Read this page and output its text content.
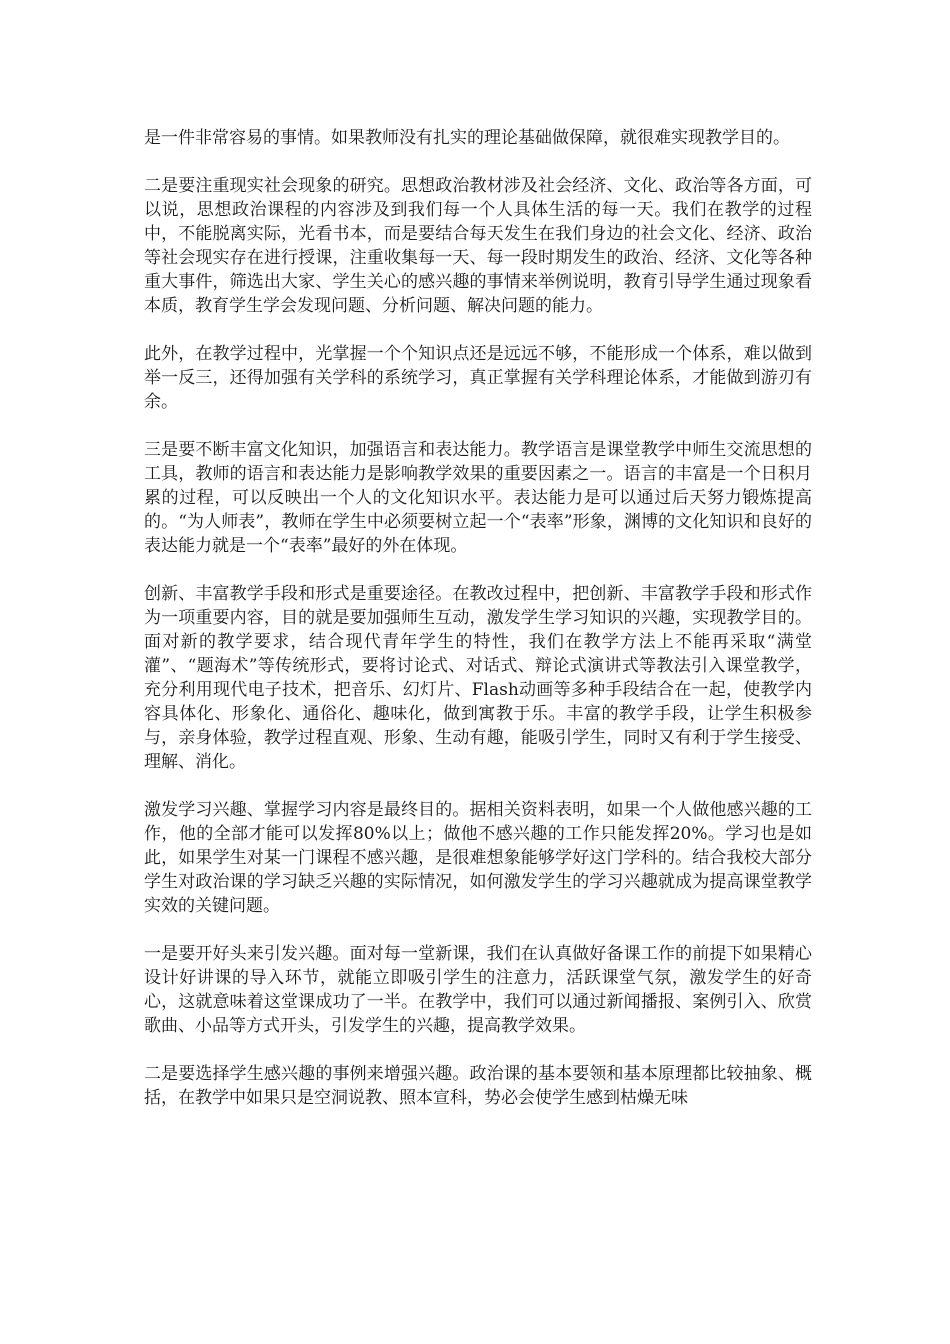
是一件非常容易的事情。如果教师没有扎实的理论基础做保障，就很难实现教学目的。

二是要注重现实社会现象的研究。思想政治教材涉及社会经济、文化、政治等各方面，可以说，思想政治课程的内容涉及到我们每一个人具体生活的每一天。我们在教学的过程中，不能脱离实际，光看书本，而是要结合每天发生在我们身边的社会文化、经济、政治等社会现实存在进行授课，注重收集每一天、每一段时期发生的政治、经济、文化等各种重大事件，筛选出大家、学生关心的感兴趣的事情来举例说明，教育引导学生通过现象看本质，教育学生学会发现问题、分析问题、解决问题的能力。

此外，在教学过程中，光掌握一个个知识点还是远远不够，不能形成一个体系，难以做到举一反三，还得加强有关学科的系统学习，真正掌握有关学科理论体系，才能做到游刃有余。

三是要不断丰富文化知识，加强语言和表达能力。教学语言是课堂教学中师生交流思想的工具，教师的语言和表达能力是影响教学效果的重要因素之一。语言的丰富是一个日积月累的过程，可以反映出一个人的文化知识水平。表达能力是可以通过后天努力锻炼提高的。“为人师表”，教师在学生中必须要树立起一个“表率”形象，渊博的文化知识和良好的表达能力就是一个“表率”最好的外在体现。

创新、丰富教学手段和形式是重要途径。在教改过程中，把创新、丰富教学手段和形式作为一项重要内容，目的就是要加强师生互动，激发学生学习知识的兴趣，实现教学目的。面对新的教学要求，结合现代青年学生的特性，我们在教学方法上不能再采取“满堂灌”、“题海术”等传统形式，要将讨论式、对话式、辩论式演讲式等教法引入课堂教学，充分利用现代电子技术，把音乐、幻灯片、Flash动画等多种手段结合在一起，使教学内容具体化、形象化、通俗化、趣味化，做到寓教于乐。丰富的教学手段，让学生积极参与，亲身体验，教学过程直观、形象、生动有趣，能吸引学生，同时又有利于学生接受、理解、消化。

激发学习兴趣、掌握学习内容是最终目的。据相关资料表明，如果一个人做他感兴趣的工作，他的全部才能可以发挥80%以上；做他不感兴趣的工作只能发挥20%。学习也是如此，如果学生对某一门课程不感兴趣，是很难想象能够学好这门学科的。结合我校大部分学生对政治课的学习缺乏兴趣的实际情况，如何激发学生的学习兴趣就成为提高课堂教学实效的关键问题。

一是要开好头来引发兴趣。面对每一堂新课，我们在认真做好备课工作的前提下如果精心设计好讲课的导入环节，就能立即吸引学生的注意力，活跃课堂气氛，激发学生的好奇心，这就意味着这堂课成功了一半。在教学中，我们可以通过新闻播报、案例引入、欣赏歌曲、小品等方式开头，引发学生的兴趣，提高教学效果。

二是要选择学生感兴趣的事例来增强兴趣。政治课的基本要领和基本原理都比较抽象、概括，在教学中如果只是空洞说教、照本宣科，势必会使学生感到枯燥无味
